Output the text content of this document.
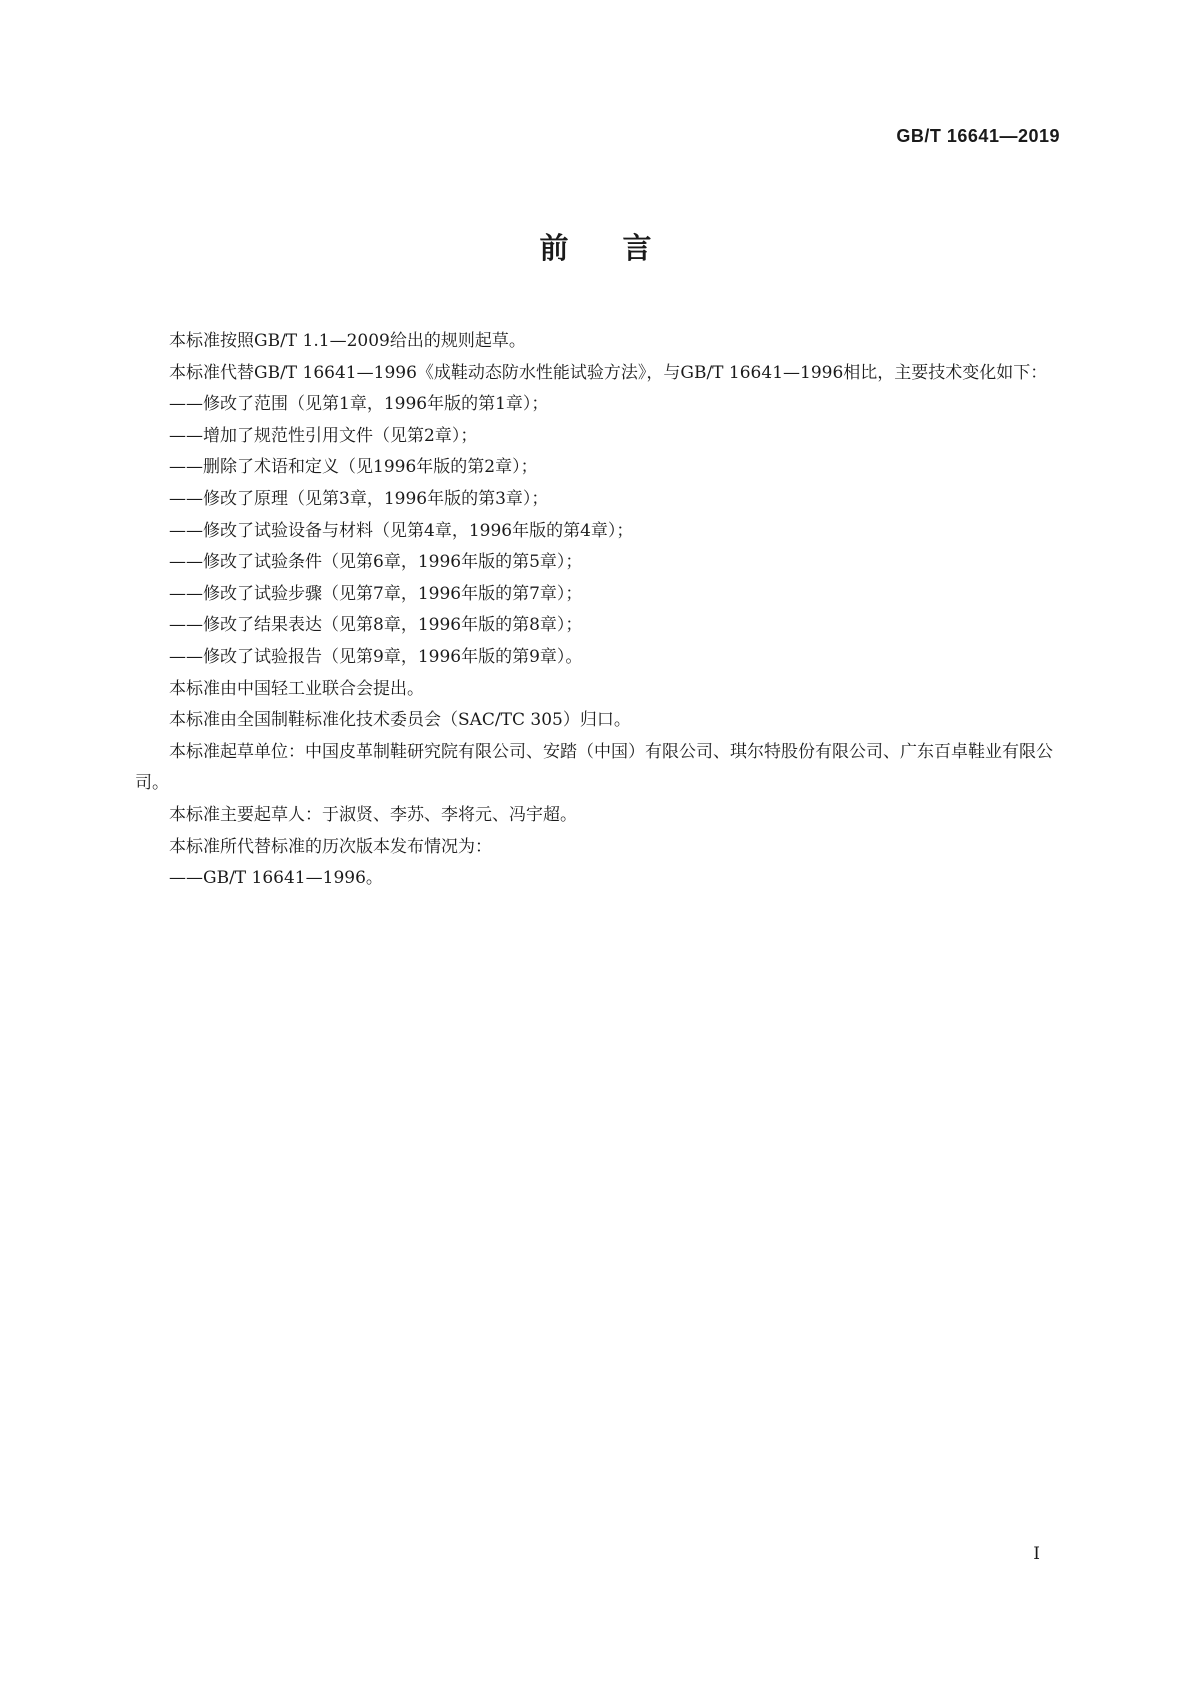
GB/T 16641—2019
前言

本标准按照GB/T 1.1—2009给出的规则起草。

本标准代替GB/T 16641—1996《成鞋动态防水性能试验方法》，与GB/T 16641—1996相比，主要技术变化如下：

——修改了范围（见第1章，1996年版的第1章）；

——增加了规范性引用文件（见第2章）；

——删除了术语和定义（见1996年版的第2章）；

——修改了原理（见第3章，1996年版的第3章）；

——修改了试验设备与材料（见第4章，1996年版的第4章）；

——修改了试验条件（见第6章，1996年版的第5章）；

——修改了试验步骤（见第7章，1996年版的第7章）；

——修改了结果表达（见第8章，1996年版的第8章）；

——修改了试验报告（见第9章，1996年版的第9章）。

本标准由中国轻工业联合会提出。

本标准由全国制鞋标准化技术委员会（SAC/TC 305）归口。

本标准起草单位：中国皮革制鞋研究院有限公司、安踏（中国）有限公司、琪尔特股份有限公司、广东百卓鞋业有限公司。

本标准主要起草人：于淑贤、李苏、李将元、冯宇超。

本标准所代替标准的历次版本发布情况为：

——GB/T 16641—1996。

I
